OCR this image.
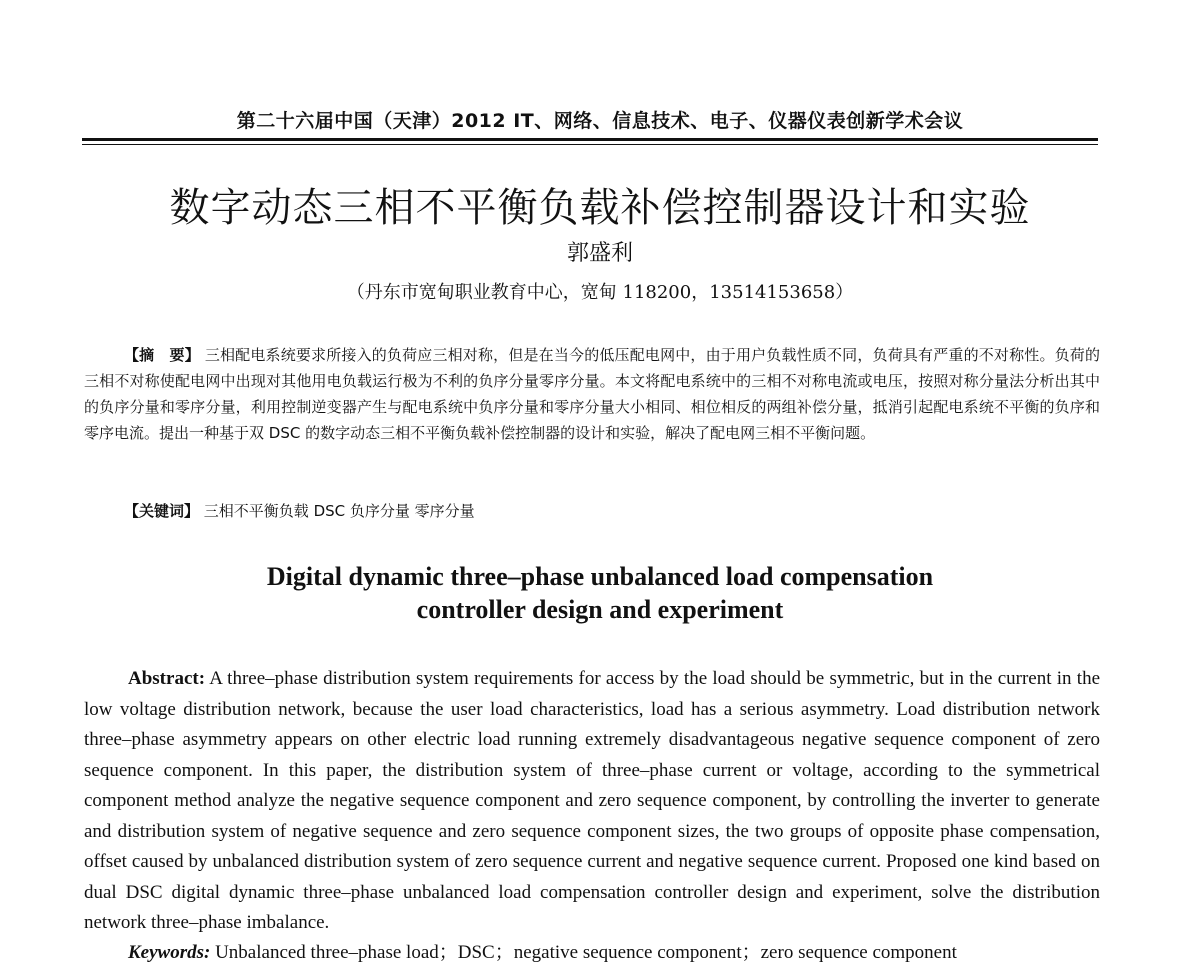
第二十六届中国（天津）2012 IT、网络、信息技术、电子、仪器仪表创新学术会议
数字动态三相不平衡负载补偿控制器设计和实验
郭盛利
（丹东市宽甸职业教育中心，宽甸 118200，13514153658）
【摘　要】 三相配电系统要求所接入的负荷应三相对称，但是在当今的低压配电网中，由于用户负载性质不同，负荷具有严重的不对称性。负荷的三相不对称使配电网中出现对其他用电负载运行极为不利的负序分量零序分量。本文将配电系统中的三相不对称电流或电压，按照对称分量法分析出其中的负序分量和零序分量，利用控制逆变器产生与配电系统中负序分量和零序分量大小相同、相位相反的两组补偿分量，抵消引起配电系统不平衡的负序和零序电流。提出一种基于双 DSC 的数字动态三相不平衡负载补偿控制器的设计和实验，解决了配电网三相不平衡问题。
【关键词】 三相不平衡负载 DSC 负序分量 零序分量
Digital dynamic three–phase unbalanced load compensation
controller design and experiment
Abstract: A three–phase distribution system requirements for access by the load should be symmetric, but in the current in the low voltage distribution network, because the user load characteristics, load has a serious asymmetry. Load distribution network three–phase asymmetry appears on other electric load running extremely disadvantageous negative sequence component of zero sequence component. In this paper, the distribution system of three–phase current or voltage, according to the symmetrical component method analyze the negative sequence component and zero sequence component, by controlling the inverter to generate and distribution system of negative sequence and zero sequence component sizes, the two groups of opposite phase compensation, offset caused by unbalanced distribution system of zero sequence current and negative sequence current. Proposed one kind based on dual DSC digital dynamic three–phase unbalanced load compensation controller design and experiment, solve the distribution network three–phase imbalance.
Keywords: Unbalanced three–phase load；DSC；negative sequence component；zero sequence component
